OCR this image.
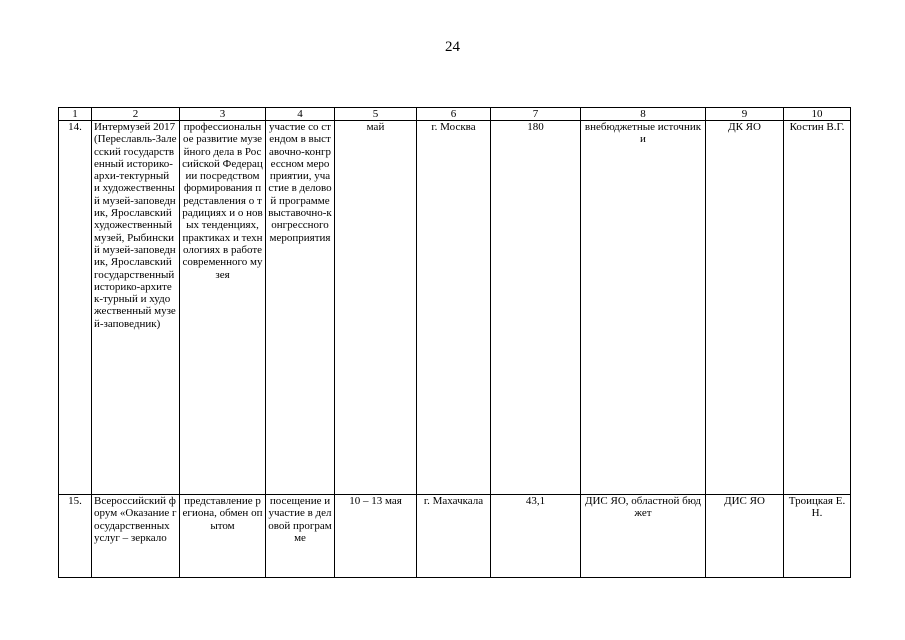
24
1	2	3	4	5	6	7	8	9	10
14.	Интермузей 2017 (Переславль-Залесский государственный историко-архи-тектурный и художественный музей-заповедник, Ярославский художественный музей, Рыбинский музей-заповедник, Ярославский государственный историко-архитек-турный и художественный музей-заповедник)	профессиональное развитие музейного дела в Российской Федерации посредством формирования представления о традициях и о новых тенденциях, практиках и технологиях в работе современного музея	участие со стендом в выставочно-конгрессном мероприятии, участие в деловой программе выставочно-конгрессного мероприятия	май	г. Москва	180	внебюджетные источники	ДК ЯО	Костин В.Г.
15.	Всероссийский форум «Оказание государственных услуг – зеркало	представление региона, обмен опытом	посещение и участие в деловой программе	10 – 13 мая	г. Махачкала	43,1	ДИС ЯО, областной бюджет	ДИС ЯО	Троицкая Е.Н.
